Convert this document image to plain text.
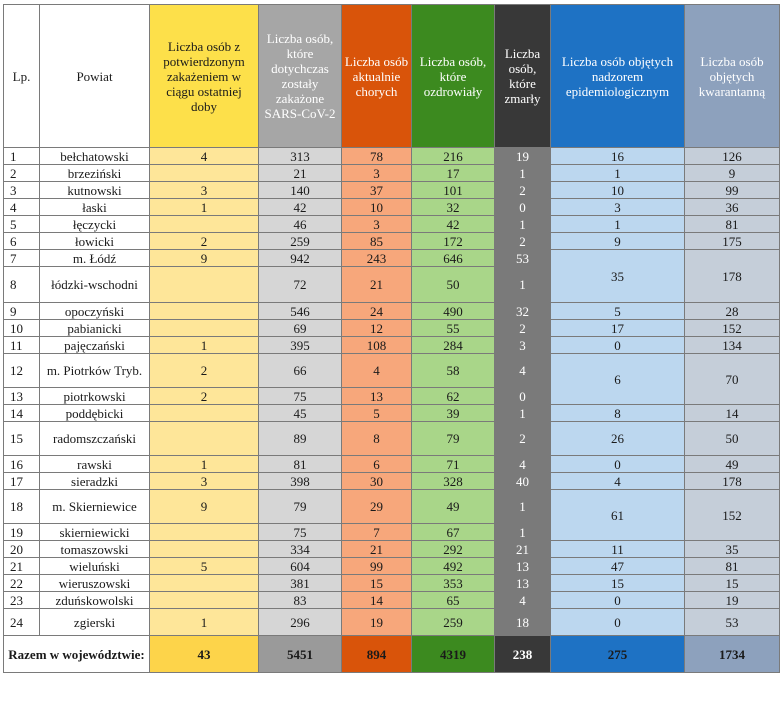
Lp.	Powiat	Liczba osób z potwierdzonym zakażeniem w ciągu ostatniej doby	Liczba osób, które dotychczas zostały zakażone SARS-CoV-2	Liczba osób aktualnie chorych	Liczba osób, które ozdrowiały	Liczba osób, które zmarły	Liczba osób objętych nadzorem epidemiologicznym	Liczba osób objętych kwarantanną
1	bełchatowski	4	313	78	216	19	16	126
2	brzeziński		21	3	17	1	1	9
3	kutnowski	3	140	37	101	2	10	99
4	łaski	1	42	10	32	0	3	36
5	łęczycki		46	3	42	1	1	81
6	łowicki	2	259	85	172	2	9	175
7	m. Łódź	9	942	243	646	53	35	178
8	łódzki-wschodni		72	21	50	1		
9	opoczyński		546	24	490	32	5	28
10	pabianicki		69	12	55	2	17	152
11	pajęczański	1	395	108	284	3	0	134
12	m. Piotrków Tryb.	2	66	4	58	4	6	70
13	piotrkowski	2	75	13	62	0		
14	poddębicki		45	5	39	1	8	14
15	radomszczański		89	8	79	2	26	50
16	rawski	1	81	6	71	4	0	49
17	sieradzki	3	398	30	328	40	4	178
18	m. Skierniewice	9	79	29	49	1	61	152
19	skierniewicki		75	7	67	1		
20	tomaszowski		334	21	292	21	11	35
21	wieluński	5	604	99	492	13	47	81
22	wieruszowski		381	15	353	13	15	15
23	zduńskowolski		83	14	65	4	0	19
24	zgierski	1	296	19	259	18	0	53
Razem w województwie:		43	5451	894	4319	238	275	1734
